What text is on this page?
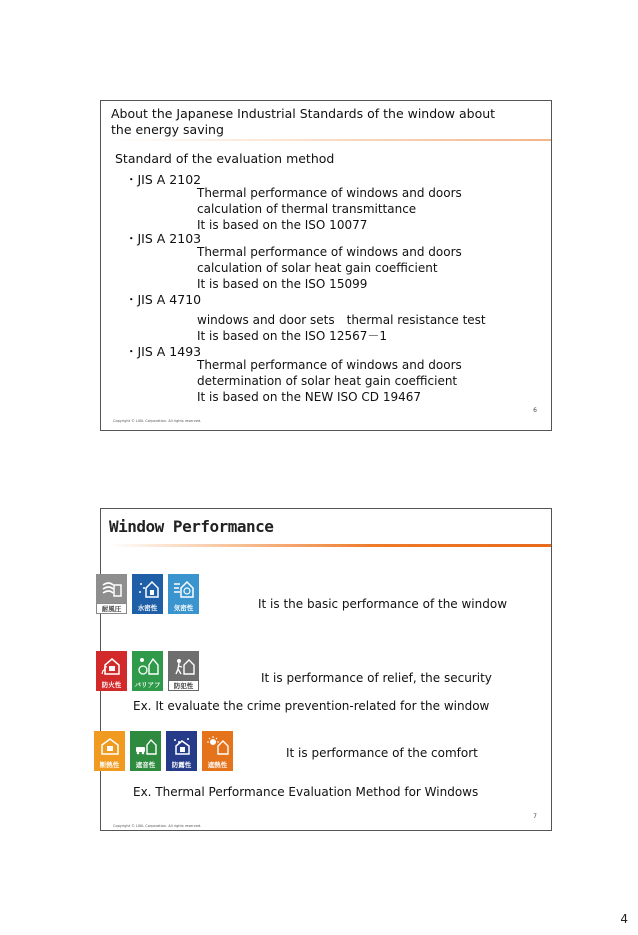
About the Japanese Industrial Standards of the window about the energy saving
Standard of the evaluation method
・JIS A 2102
Thermal performance of windows and doors
calculation of thermal transmittance
It is based on the ISO 10077
・JIS A 2103
Thermal performance of windows and doors
calculation of solar heat gain coefficient
It is based on the ISO 15099
・JIS A 4710
windows and door sets　thermal resistance test
It is based on the ISO 12567－1
・JIS A 1493
Thermal performance of windows and doors
determination of solar heat gain coefficient
It is based on the NEW ISO CD 19467
6
Copyright © LIXIL Corporation. All rights reserved.
Window Performance
耐風圧	水密性	気密性	It is the basic performance of the window
防火性	バリアフリー
防犯性
It is performance of relief, the security
Ex. It evaluate the crime prevention-related for the window
断熱性	遮音性	防露性	遮熱性
It is performance of the comfort
Ex. Thermal Performance Evaluation Method for Windows
7
Copyright © LIXIL Corporation. All rights reserved.
4
